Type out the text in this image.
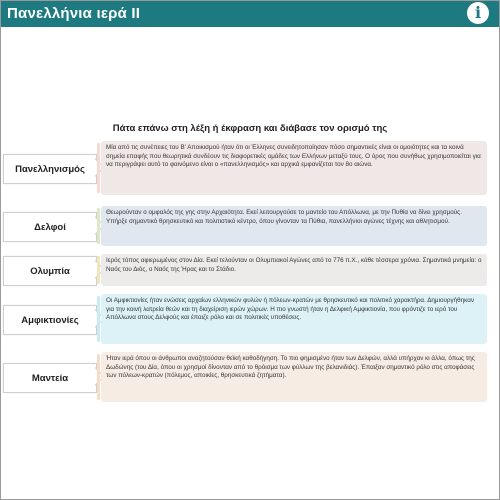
Πανελλήνια ιερά ΙΙ	i
Πάτα επάνω στη λέξη ή έκφραση και διάβασε τον ορισμό της
Πανελληνισμός
Μία από τις συνέπειες του Β' Αποικισμού ήταν ότι οι Έλληνες συνειδητοποίησαν πόσο σημαντικές είναι οι ομοιότητες και τα κοινά σημεία επαφής που θεωρητικά συνδέουν τις διαφορετικές ομάδες των Ελλήνων μεταξύ τους. Ο όρος που συνήθως χρησιμοποιείται για να περιγράψει αυτό το φαινόμενο είναι ο «πανελληνισμός» και αρχικά εμφανίζεται τον 8ο αιώνα.
Δελφοί
Θεωρούνταν ο ομφαλός της γης στην Αρχαιότητα. Εκεί λειτουργούσε το μαντείο του Απόλλωνα, με την Πυθία να δίνει χρησμούς. Υπήρξε σημαντικό θρησκευτικό και πολιτιστικό κέντρο, όπου γίνονταν τα Πύθια, πανελλήνιοι αγώνες τέχνης και αθλητισμού.
Ολυμπία
Ιερός τόπος αφιερωμένος στον Δία. Εκεί τελούνταν οι Ολυμπιακοί Αγώνες από το 776 π.Χ., κάθε τέσσερα χρόνια. Σημαντικά μνημεία: ο Ναός του Διός, ο Ναός της Ήρας και το Στάδιο.
Αμφικτιονίες
Οι Αμφικτιονίες ήταν ενώσεις αρχαίων ελληνικών φυλών ή πόλεων-κρατών με θρησκευτικό και πολιτικό χαρακτήρα. Δημιουργήθηκαν για την κοινή λατρεία θεών και τη διαχείριση ιερών χώρων. Η πιο γνωστή ήταν η Δελφική Αμφικτιονία, που φρόντιζε το ιερό του Απόλλωνα στους Δελφούς και έπαιζε ρόλο και σε πολιτικές υποθέσεις.
Μαντεία
Ήταν ιερά όπου οι άνθρωποι αναζητούσαν θεϊκή καθοδήγηση. Το πιο φημισμένο ήταν των Δελφών, αλλά υπήρχαν κι άλλα, όπως της Δωδώνης (του Δία, όπου οι χρησμοί δίνονταν από το θρόισμα των φύλλων της βελανιδιάς). Έπαιξαν σημαντικό ρόλο στις αποφάσεις των πόλεων-κρατών (πόλεμος, αποικίες, θρησκευτικά ζητήματα).
